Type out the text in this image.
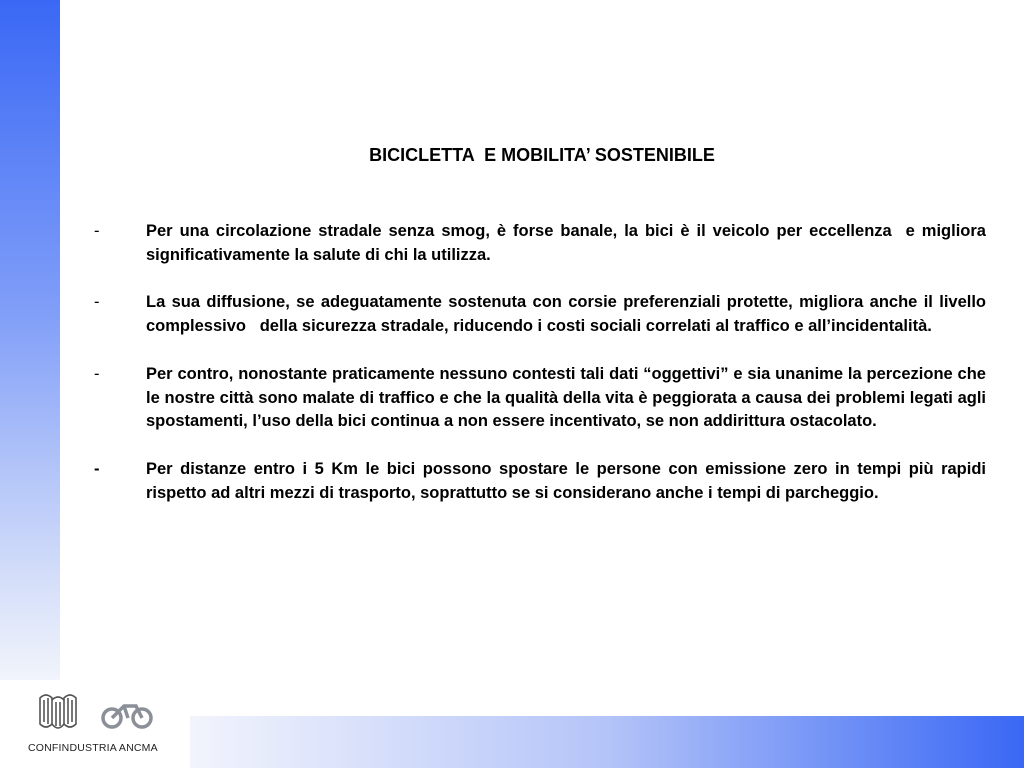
BICICLETTA  E MOBILITA’ SOSTENIBILE
-	Per una circolazione stradale senza smog, è forse banale, la bici è il veicolo per eccellenza  e migliora significativamente la salute di chi la utilizza.
-	La sua diffusione, se adeguatamente sostenuta con corsie preferenziali protette, migliora anche il livello complessivo   della sicurezza stradale, riducendo i costi sociali correlati al traffico e all’incidentalità.
-	Per contro, nonostante praticamente nessuno contesti tali dati “oggettivi” e sia unanime la percezione che le nostre città sono malate di traffico e che la qualità della vita è peggiorata a causa dei problemi legati agli spostamenti, l’uso della bici continua a non essere incentivato, se non addirittura ostacolato.
-	Per distanze entro i 5 Km le bici possono spostare le persone con emissione zero in tempi più rapidi rispetto ad altri mezzi di trasporto, soprattutto se si considerano anche i tempi di parcheggio.
CONFINDUSTRIA ANCMA
